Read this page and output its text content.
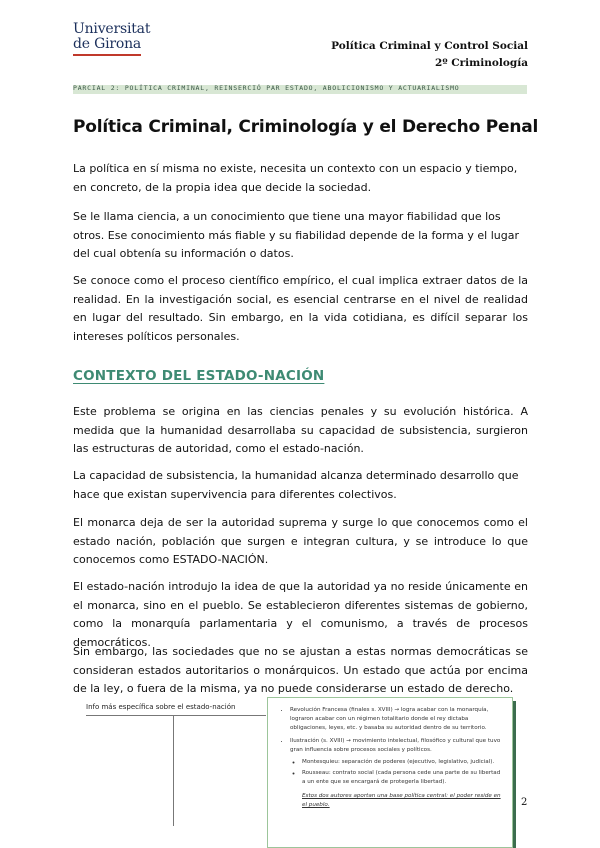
Universitat
de Girona	Política Criminal y Control Social
2º Criminología
PARCIAL 2: POLÍTICA CRIMINAL, REINSERCIÓ PAR ESTADO, ABOLICIONISMO Y ACTUARIALISMO
Política Criminal, Criminología y el Derecho Penal

La política en sí misma no existe, necesita un contexto con un espacio y tiempo, en concreto, de la propia idea que decide la sociedad.

Se le llama ciencia, a un conocimiento que tiene una mayor fiabilidad que los otros. Ese conocimiento más fiable y su fiabilidad depende de la forma y el lugar del cual obtenía su información o datos.

Se conoce como el proceso científico empírico, el cual implica extraer datos de la realidad. En la investigación social, es esencial centrarse en el nivel de realidad en lugar del resultado. Sin embargo, en la vida cotidiana, es difícil separar los intereses políticos personales.

CONTEXTO DEL ESTADO-NACIÓN

Este problema se origina en las ciencias penales y su evolución histórica. A medida que la humanidad desarrollaba su capacidad de subsistencia, surgieron las estructuras de autoridad, como el estado-nación.

La capacidad de subsistencia, la humanidad alcanza determinado desarrollo que hace que existan supervivencia para diferentes colectivos.

El monarca deja de ser la autoridad suprema y surge lo que conocemos como el estado nación, población que surgen e integran cultura, y se introduce lo que conocemos como ESTADO-NACIÓN.

El estado-nación introdujo la idea de que la autoridad ya no reside únicamente en el monarca, sino en el pueblo. Se establecieron diferentes sistemas de gobierno, como la monarquía parlamentaria y el comunismo, a través de procesos democráticos.

Sin embargo, las sociedades que no se ajustan a estas normas democráticas se consideran estados autoritarios o monárquicos. Un estado que actúa por encima de la ley, o fuera de la misma, ya no puede considerarse un estado de derecho.

Info más específica sobre el estado-nación
•	Revolución Francesa (finales s. XVIII) → logra acabar con la monarquía, lograron acabar con un régimen totalitario donde el rey dictaba obligaciones, leyes, etc. y basaba su autoridad dentro de su territorio.
• Ilustración (s. XVIII) → movimiento intelectual, filosófico y cultural que tuvo gran influencia sobre procesos sociales y políticos.
◦ Montesquieu: separación de poderes (ejecutivo, legislativo, judicial).
◦ Rousseau: contrato social (cada persona cede una parte de su libertad a un ente que se encargará de protegerla libertad).
Estos dos autores aportan una base política central: el poder reside en el pueblo.	2
